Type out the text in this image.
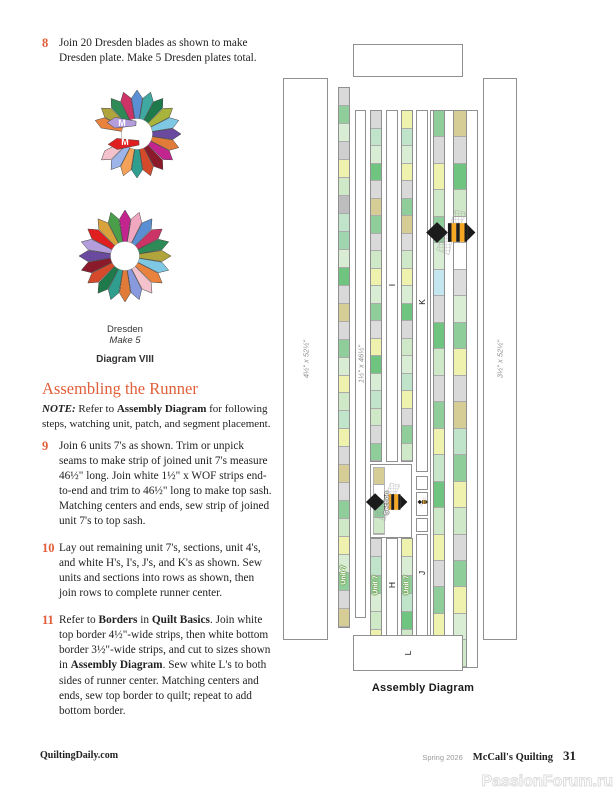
8 Join 20 Dresden blades as shown to make Dresden plate. Make 5 Dresden plates total.

M
M
Dresden
Make 5
Diagram VIII
Assembling the Runner

NOTE: Refer to Assembly Diagram for following steps, watching unit, patch, and segment placement.

9 Join 6 units 7's as shown. Trim or unpick seams to make strip of joined unit 7's measure 46½" long. Join white 1½" x WOF strips end-to-end and trim to 46½" long to make top sash. Matching centers and ends, sew strip of joined unit 7's to top sash.

10 Lay out remaining unit 7's, sections, unit 4's, and white H's, I's, J's, and K's as shown. Sew units and sections into rows as shown, then join rows to complete runner center.

11 Refer to Borders in Quilt Basics. Join white top border 4½"-wide strips, then white bottom border 3½"-wide strips, and cut to sizes shown in Assembly Diagram. Sew white L's to both sides of runner center. Matching centers and ends, sew top border to quilt; repeat to add bottom border.

4½" x 52½"	3½" x 52½"
1½" x 46½"
Section
L
I
K
J
H
Unit 7
Unit 7	Unit 7
Assembly Diagram
QuiltingDaily.com	Spring 2026 McCall's Quilting 31
PassionForum.ru
